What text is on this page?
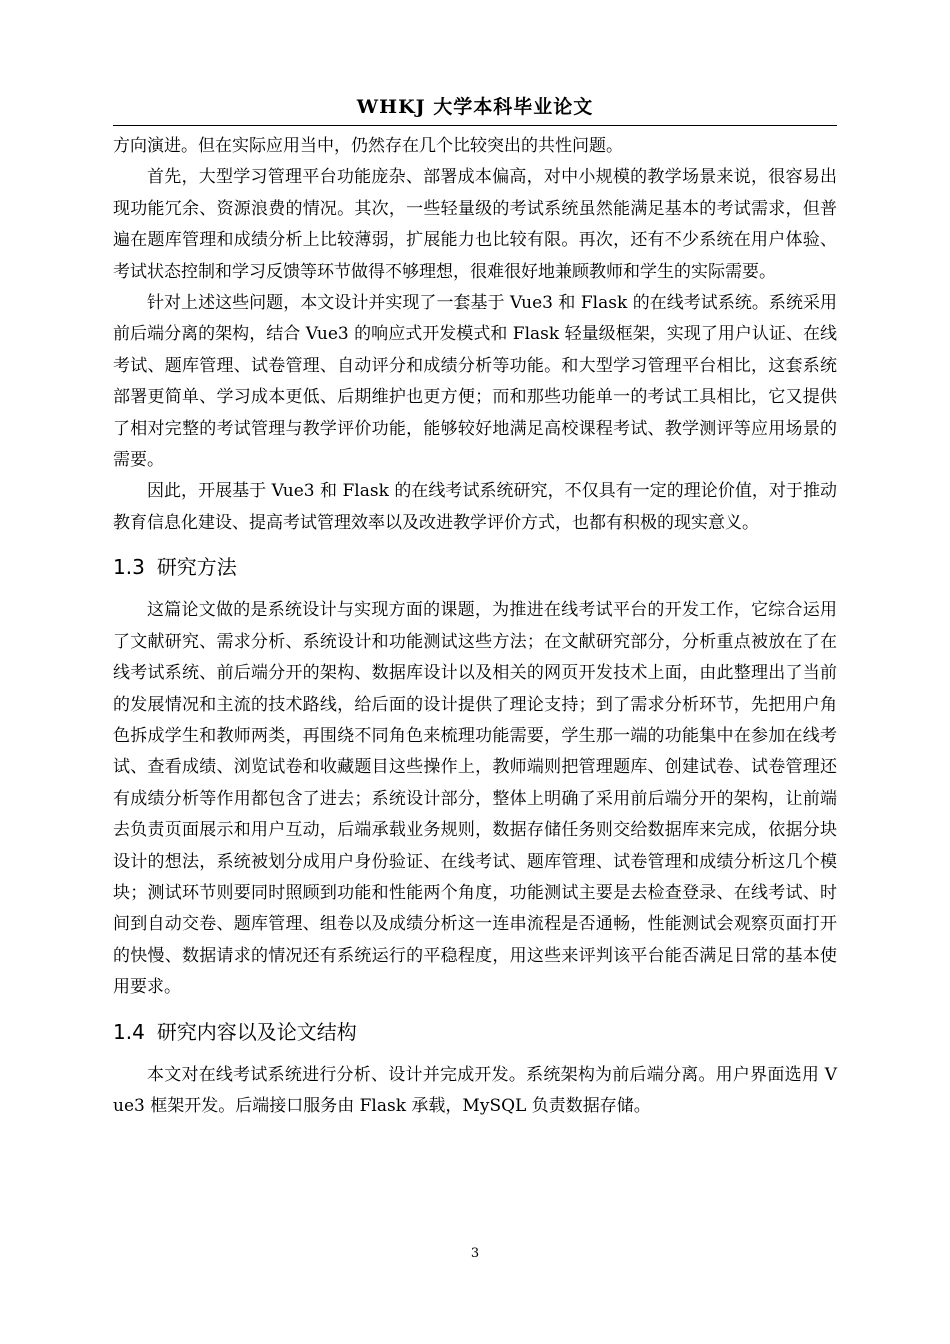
WHKJ 大学本科毕业论文

方向演进。但在实际应用当中，仍然存在几个比较突出的共性问题。

首先，大型学习管理平台功能庞杂、部署成本偏高，对中小规模的教学场景来说，很容易出现功能冗余、资源浪费的情况。其次，一些轻量级的考试系统虽然能满足基本的考试需求，但普遍在题库管理和成绩分析上比较薄弱，扩展能力也比较有限。再次，还有不少系统在用户体验、考试状态控制和学习反馈等环节做得不够理想，很难很好地兼顾教师和学生的实际需要。

针对上述这些问题，本文设计并实现了一套基于 Vue3 和 Flask 的在线考试系统。系统采用前后端分离的架构，结合 Vue3 的响应式开发模式和 Flask 轻量级框架，实现了用户认证、在线考试、题库管理、试卷管理、自动评分和成绩分析等功能。和大型学习管理平台相比，这套系统部署更简单、学习成本更低、后期维护也更方便；而和那些功能单一的考试工具相比，它又提供了相对完整的考试管理与教学评价功能，能够较好地满足高校课程考试、教学测评等应用场景的需要。

因此，开展基于 Vue3 和 Flask 的在线考试系统研究，不仅具有一定的理论价值，对于推动教育信息化建设、提高考试管理效率以及改进教学评价方式，也都有积极的现实意义。

1.3 研究方法

这篇论文做的是系统设计与实现方面的课题，为推进在线考试平台的开发工作，它综合运用了文献研究、需求分析、系统设计和功能测试这些方法；在文献研究部分，分析重点被放在了在线考试系统、前后端分开的架构、数据库设计以及相关的网页开发技术上面，由此整理出了当前的发展情况和主流的技术路线，给后面的设计提供了理论支持；到了需求分析环节，先把用户角色拆成学生和教师两类，再围绕不同角色来梳理功能需要，学生那一端的功能集中在参加在线考试、查看成绩、浏览试卷和收藏题目这些操作上，教师端则把管理题库、创建试卷、试卷管理还有成绩分析等作用都包含了进去；系统设计部分，整体上明确了采用前后端分开的架构，让前端去负责页面展示和用户互动，后端承载业务规则，数据存储任务则交给数据库来完成，依据分块设计的想法，系统被划分成用户身份验证、在线考试、题库管理、试卷管理和成绩分析这几个模块；测试环节则要同时照顾到功能和性能两个角度，功能测试主要是去检查登录、在线考试、时间到自动交卷、题库管理、组卷以及成绩分析这一连串流程是否通畅，性能测试会观察页面打开的快慢、数据请求的情况还有系统运行的平稳程度，用这些来评判该平台能否满足日常的基本使用要求。

1.4 研究内容以及论文结构

本文对在线考试系统进行分析、设计并完成开发。系统架构为前后端分离。用户界面选用 Vue3 框架开发。后端接口服务由 Flask 承载，MySQL 负责数据存储。

3
